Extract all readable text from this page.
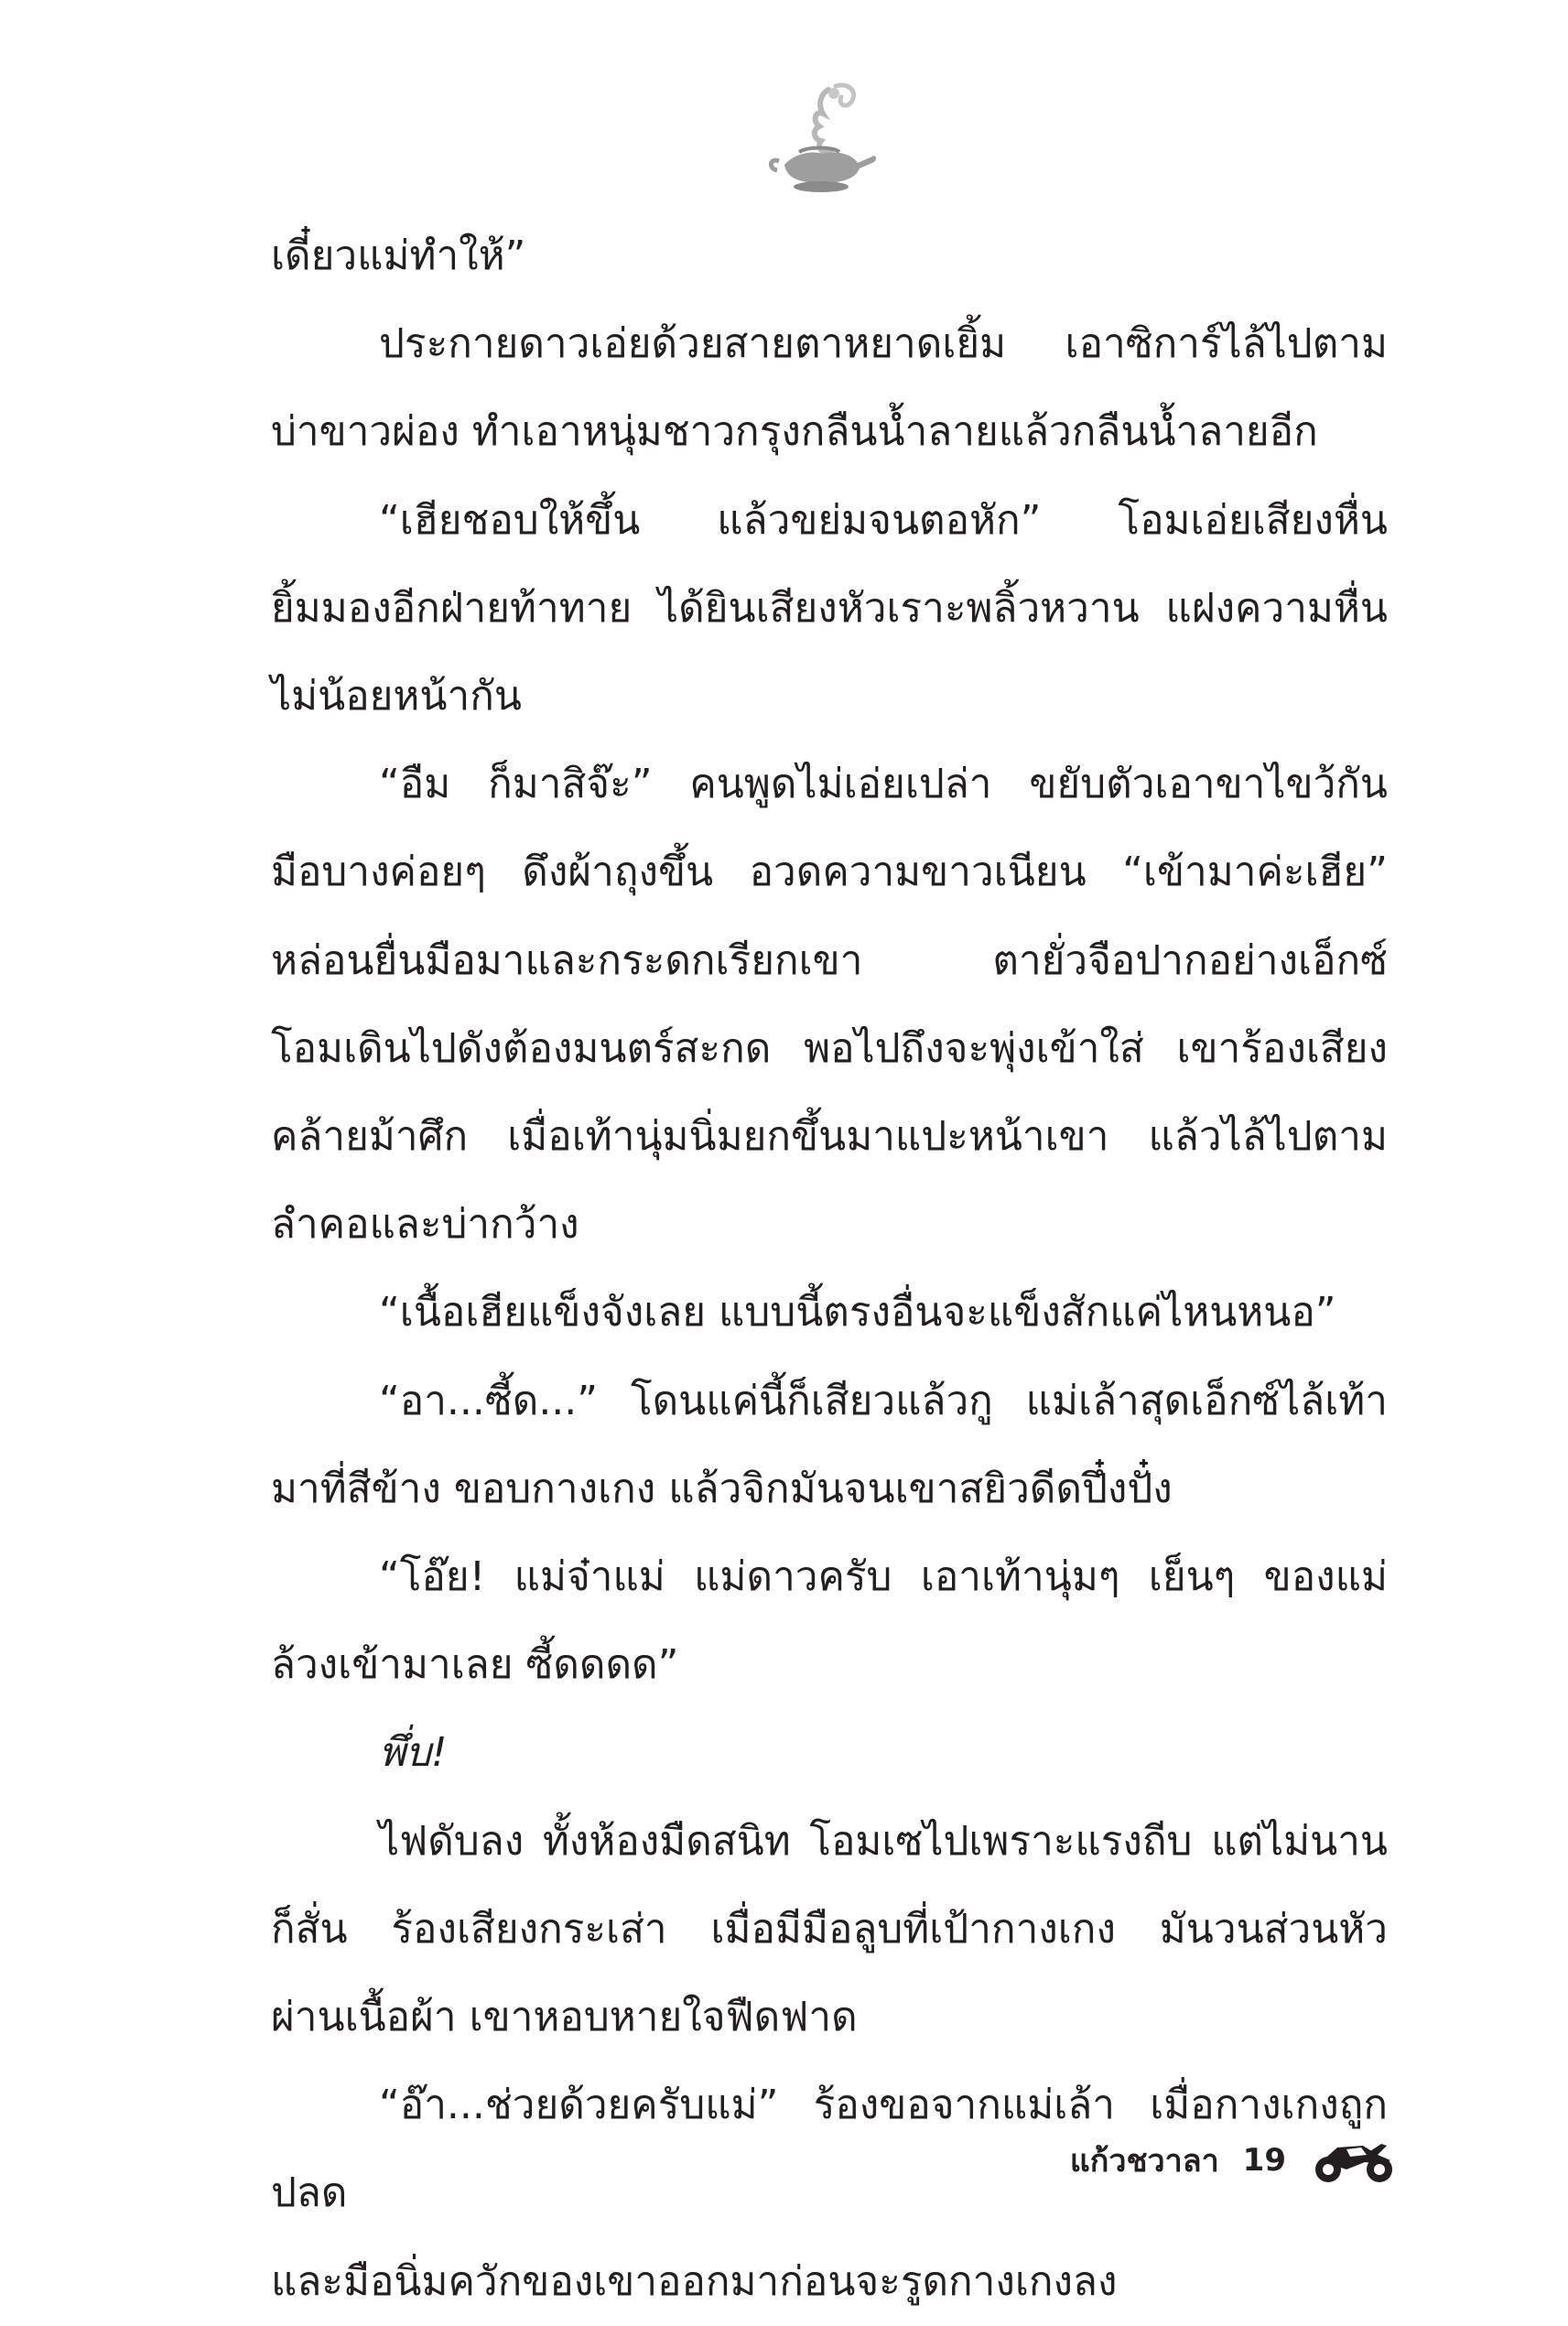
เดี๋ยวแม่ทำให้”

ประกายดาวเอ่ยด้วยสายตาหยาดเยิ้ม เอาซิการ์ไล้ไปตาม

บ่าขาวผ่อง ทำเอาหนุ่มชาวกรุงกลืนน้ำลายแล้วกลืนน้ำลายอีก

“เฮียชอบให้ขึ้น แล้วขย่มจนตอหัก” โอมเอ่ยเสียงหื่น

ยิ้มมองอีกฝ่ายท้าทาย ได้ยินเสียงหัวเราะพลิ้วหวาน แฝงความหื่น

ไม่น้อยหน้ากัน

“อืม ก็มาสิจ๊ะ” คนพูดไม่เอ่ยเปล่า ขยับตัวเอาขาไขว้กัน

มือบางค่อยๆ ดึงผ้าถุงขึ้น อวดความขาวเนียน “เข้ามาค่ะเฮีย”

หล่อนยื่นมือมาและกระดกเรียกเขา ตายั่วจือปากอย่างเอ็กซ์

โอมเดินไปดังต้องมนตร์สะกด พอไปถึงจะพุ่งเข้าใส่ เขาร้องเสียง

คล้ายม้าศึก เมื่อเท้านุ่มนิ่มยกขึ้นมาแปะหน้าเขา แล้วไล้ไปตาม

ลำคอและบ่ากว้าง

“เนื้อเฮียแข็งจังเลย แบบนี้ตรงอื่นจะแข็งสักแค่ไหนหนอ”

“อา...ซี้ด...” โดนแค่นี้ก็เสียวแล้วกู แม่เล้าสุดเอ็กซ์ไล้เท้า

มาที่สีข้าง ขอบกางเกง แล้วจิกมันจนเขาสยิวดีดปึ๋งปั๋ง

“โอ๊ย! แม่จ๋าแม่ แม่ดาวครับ เอาเท้านุ่มๆ เย็นๆ ของแม่

ล้วงเข้ามาเลย ซี้ดดดด”

พึ่บ!

ไฟดับลง ทั้งห้องมืดสนิท โอมเซไปเพราะแรงถีบ แต่ไม่นาน

ก็สั่น ร้องเสียงกระเส่า เมื่อมีมือลูบที่เป้ากางเกง มันวนส่วนหัว

ผ่านเนื้อผ้า เขาหอบหายใจฟืดฟาด

“อ๊า...ช่วยด้วยครับแม่” ร้องขอจากแม่เล้า เมื่อกางเกงถูกปลด

และมือนิ่มควักของเขาออกมาก่อนจะรูดกางเกงลง

แก้วชวาลา 19
